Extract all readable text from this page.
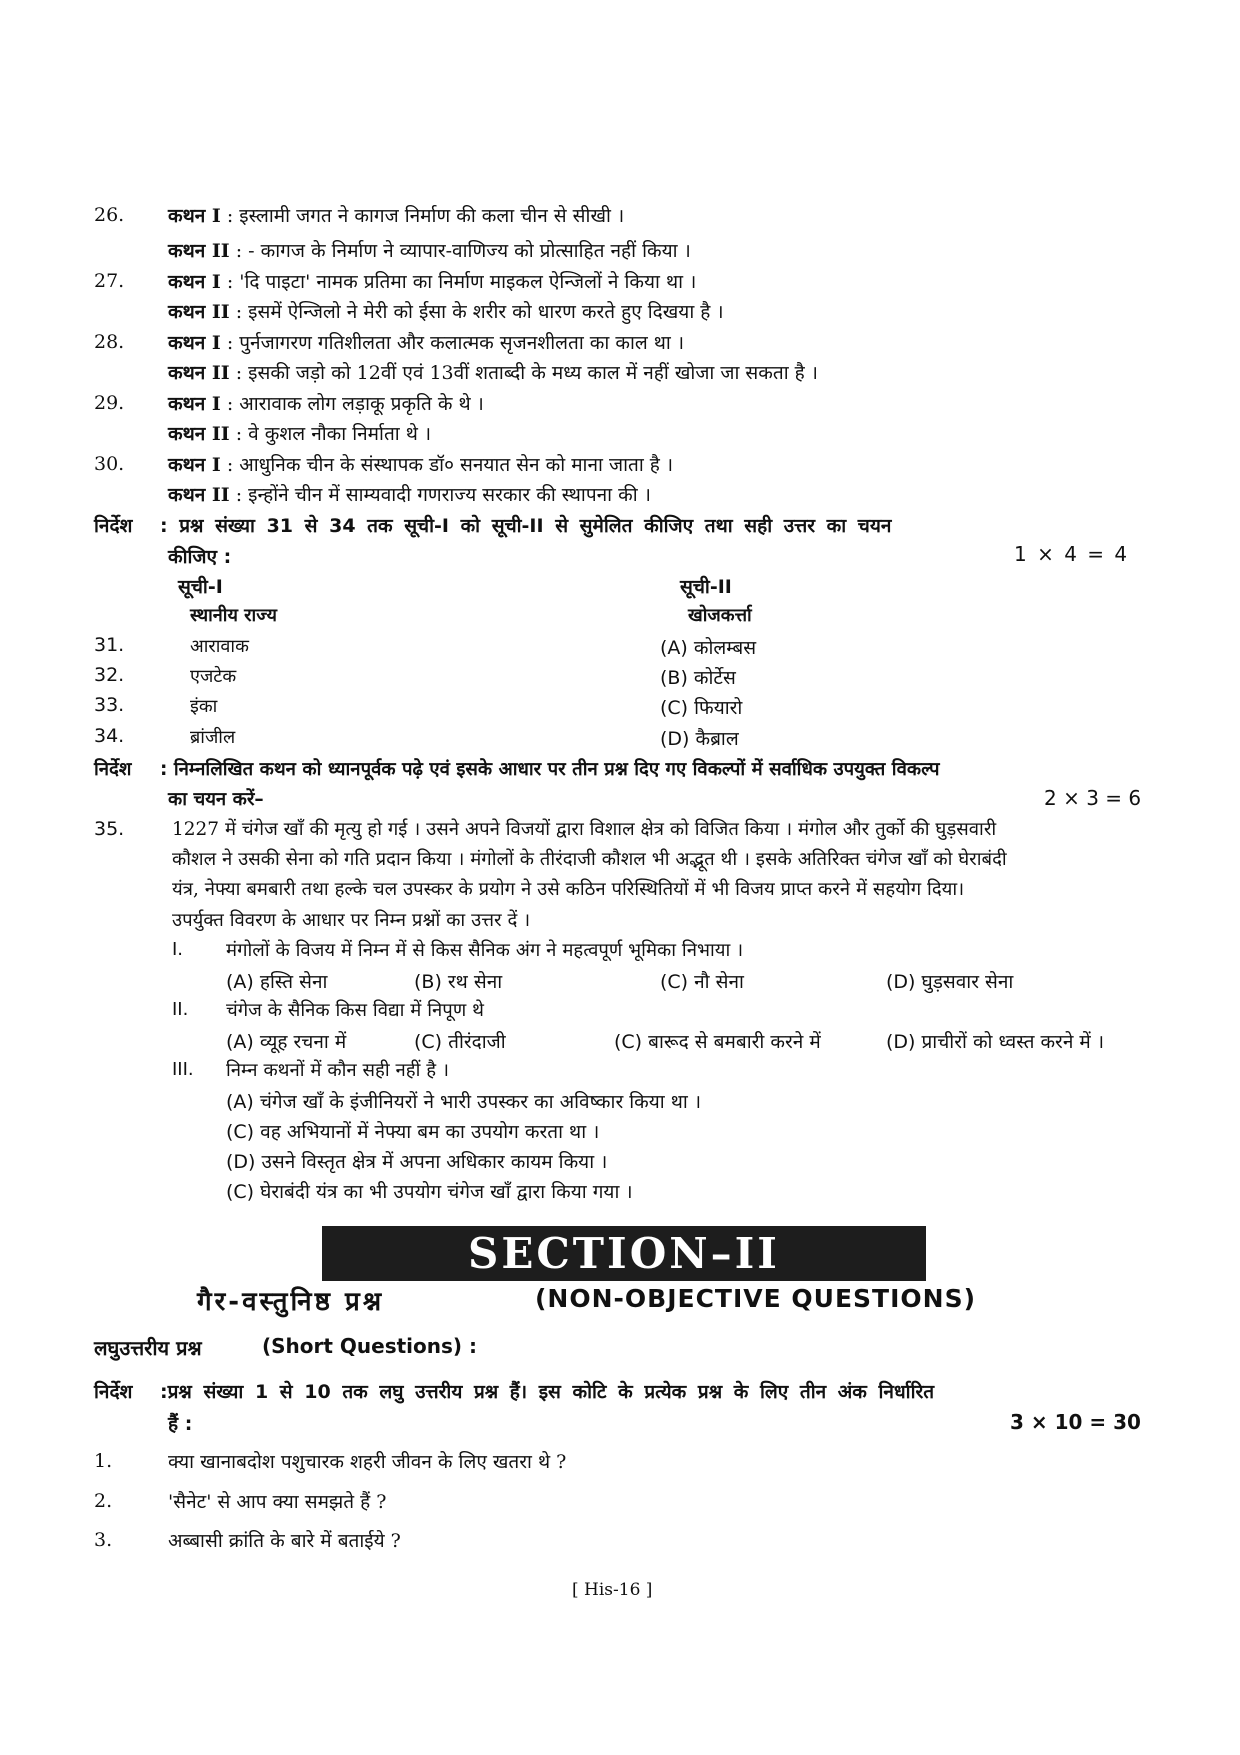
26. कथन I : इस्लामी जगत ने कागज निर्माण की कला चीन से सीखी ।
कथन II : - कागज के निर्माण ने व्यापार-वाणिज्य को प्रोत्साहित नहीं किया ।
27. कथन I : 'दि पाइटा' नामक प्रतिमा का निर्माण माइकल ऐन्जिलों ने किया था ।
कथन II : इसमें ऐन्जिलो ने मेरी को ईसा के शरीर को धारण करते हुए दिखया है ।
28. कथन I : पुर्नजागरण गतिशीलता और कलात्मक सृजनशीलता का काल था ।
कथन II : इसकी जड़ो को 12वीं एवं 13वीं शताब्दी के मध्य काल में नहीं खोजा जा सकता है ।
29. कथन I : आरावाक लोग लड़ाकू प्रकृति के थे ।
कथन II : वे कुशल नौका निर्माता थे ।
30. कथन I : आधुनिक चीन के संस्थापक डॉ० सनयात सेन को माना जाता है ।
कथन II : इन्होंने चीन में साम्यवादी गणराज्य सरकार की स्थापना की ।
निर्देश : प्रश्न संख्या 31 से 34 तक सूची-I को सूची-II से सुमेलित कीजिए तथा सही उत्तर का चयन
कीजिए :	1 × 4 = 4
सूची-I
स्थानीय राज्य
सूची-II
खोजकर्त्ता
31.	आरावाक	(A) कोलम्बस
32.	एजटेक	(B) कोर्टेस
33.	इंका	(C) फियारो
34.	ब्रांजील	(D) कैब्राल
निर्देश : निम्नलिखित कथन को ध्यानपूर्वक पढ़े एवं इसके आधार पर तीन प्रश्न दिए गए विकल्पों में सर्वाधिक उपयुक्त विकल्प
का चयन करें–	2 × 3 = 6
35.	1227 में चंगेज खाँ की मृत्यु हो गई । उसने अपने विजयों द्वारा विशाल क्षेत्र को विजित किया । मंगोल और तुर्को की घुड़सवारी
कौशल ने उसकी सेना को गति प्रदान किया । मंगोलों के तीरंदाजी कौशल भी अद्भूत थी । इसके अतिरिक्त चंगेज खाँ को घेराबंदी
यंत्र, नेफ्या बमबारी तथा हल्के चल उपस्कर के प्रयोग ने उसे कठिन परिस्थितियों में भी विजय प्राप्त करने में सहयोग दिया।
उपर्युक्त विवरण के आधार पर निम्न प्रश्नों का उत्तर दें ।
I. मंगोलों के विजय में निम्न में से किस सैनिक अंग ने महत्वपूर्ण भूमिका निभाया ।
(A) हस्ति सेना	(B) रथ सेना	(C) नौ सेना	(D) घुड़सवार सेना
II. चंगेज के सैनिक किस विद्या में निपूण थे
(A) व्यूह रचना में	(C) तीरंदाजी	(C) बारूद से बमबारी करने में	(D) प्राचीरों को ध्वस्त करने में ।
III. निम्न कथनों में कौन सही नहीं है ।
(A) चंगेज खाँ के इंजीनियरों ने भारी उपस्कर का अविष्कार किया था ।
(C) वह अभियानों में नेफ्या बम का उपयोग करता था ।
(D) उसने विस्तृत क्षेत्र में अपना अधिकार कायम किया ।
(C) घेराबंदी यंत्र का भी उपयोग चंगेज खाँ द्वारा किया गया ।
SECTION–II
गैर-वस्तुनिष्ठ प्रश्न	(NON-OBJECTIVE QUESTIONS)
लघुउत्तरीय प्रश्न	(Short Questions) :
निर्देश :प्रश्न संख्या 1 से 10 तक लघु उत्तरीय प्रश्न हैं। इस कोटि के प्रत्येक प्रश्न के लिए तीन अंक निर्धारित
हैं :	3 × 10 = 30
1.	क्या खानाबदोश पशुचारक शहरी जीवन के लिए खतरा थे ?
2.	'सैनेट' से आप क्या समझते हैं ?
3.	अब्बासी क्रांति के बारे में बताईये ?
[ His-16 ]
